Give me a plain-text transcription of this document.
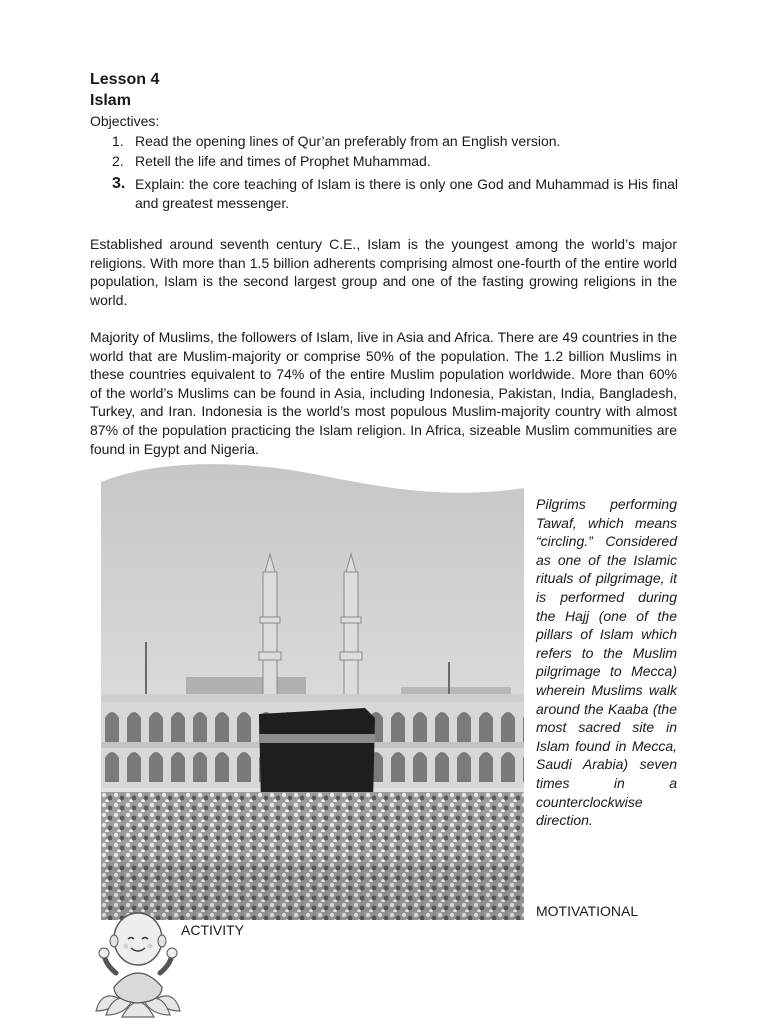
Lesson 4
Islam
Objectives:
1. Read the opening lines of Qur’an preferably from an English version.
2. Retell the life and times of Prophet Muhammad.
3. Explain: the core teaching of Islam is there is only one God and Muhammad is His final and greatest messenger.

Established around seventh century C.E., Islam is the youngest among the world’s major religions. With more than 1.5 billion adherents comprising almost one-fourth of the entire world population, Islam is the second largest group and one of the fasting growing religions in the world.

Majority of Muslims, the followers of Islam, live in Asia and Africa. There are 49 countries in the world that are Muslim-majority or comprise 50% of the population. The 1.2 billion Muslims in these countries equivalent to 74% of the entire Muslim population worldwide. More than 60% of the world’s Muslims can be found in Asia, including Indonesia, Pakistan, India, Bangladesh, Turkey, and Iran. Indonesia is the world’s most populous Muslim-majority country with almost 87% of the population practicing the Islam religion. In Africa, sizeable Muslim communities are found in Egypt and Nigeria.

Pilgrims performing Tawaf, which means “circling.” Considered as one of the Islamic rituals of pilgrimage, it is performed during the Hajj (one of the pillars of Islam which refers to the Muslim pilgrimage to Mecca) wherein Muslims walk around the Kaaba (the most sacred site in Islam found in Mecca, Saudi Arabia) seven times in a counterclockwise direction.

MOTIVATIONAL
ACTIVITY
